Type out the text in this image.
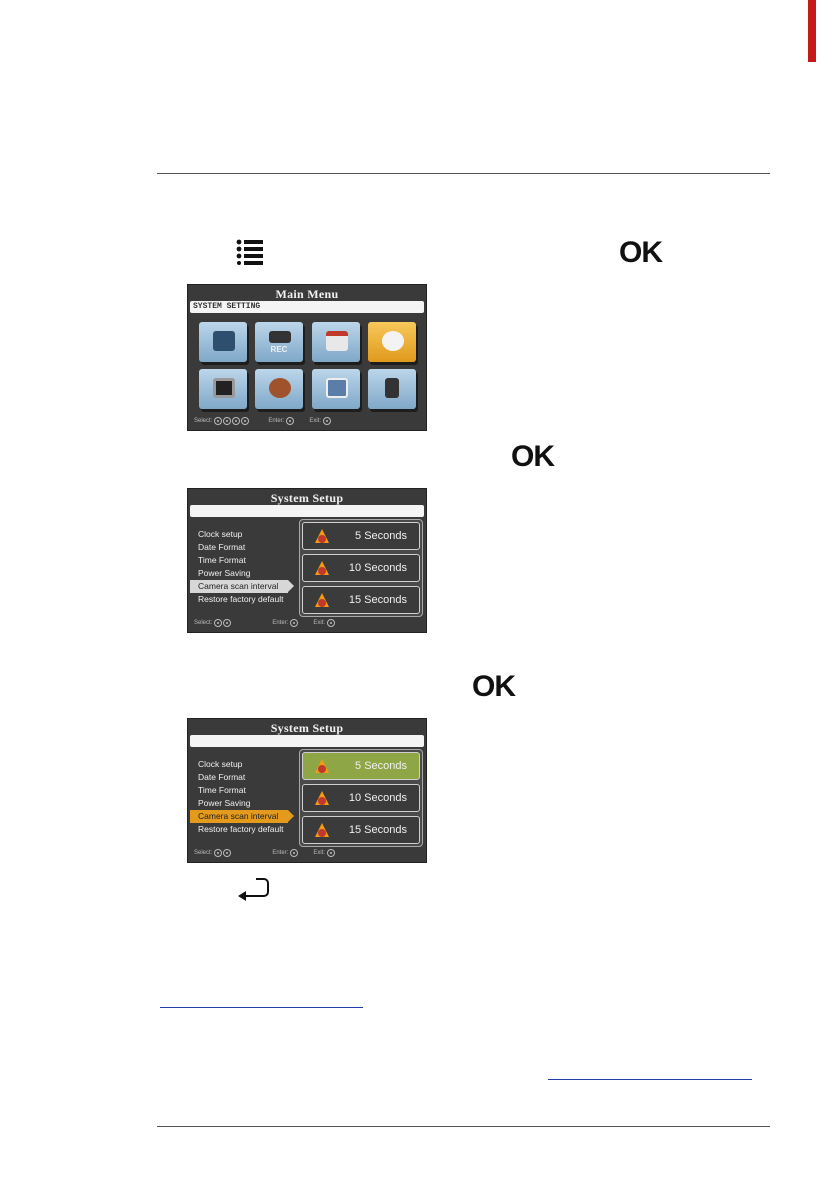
OK
OK
OK
Main Menu
SYSTEM SETTING
REC
Select:	Enter:	Exit:
System Setup
Clock setup
Date Format
Time Format
Power Saving
Camera scan interval
Restore factory default
5 Seconds
10 Seconds
15 Seconds
Select:	Enter:	Exit:
System Setup
Clock setup
Date Format
Time Format
Power Saving
Camera scan interval
Restore factory default
5 Seconds
10 Seconds
15 Seconds
Select:	Enter:	Exit:
